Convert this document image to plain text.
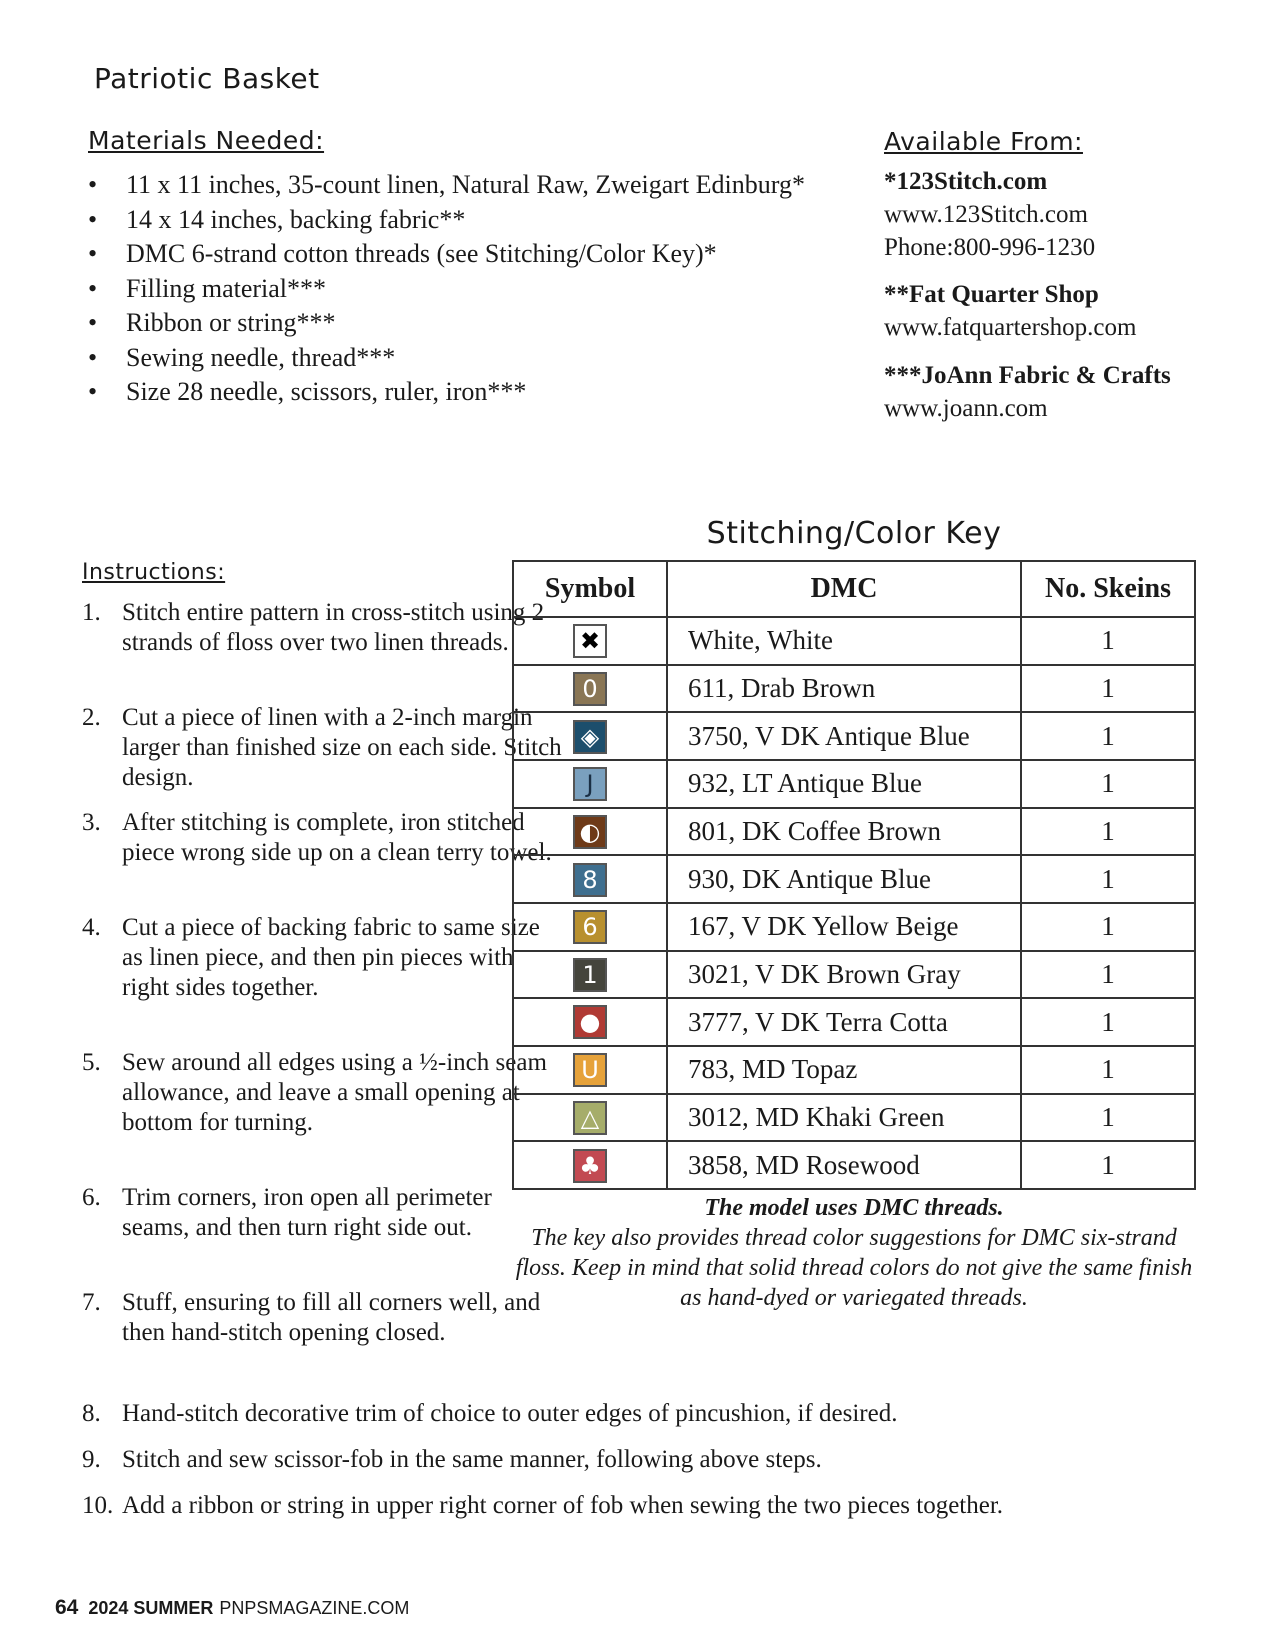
Patriotic Basket
Materials Needed:
• 11 x 11 inches, 35-count linen, Natural Raw, Zweigart Edinburg*
• 14 x 14 inches, backing fabric**
• DMC 6-strand cotton threads (see Stitching/Color Key)*
• Filling material***
• Ribbon or string***
• Sewing needle, thread***
• Size 28 needle, scissors, ruler, iron***
Available From:
*123Stitch.com
www.123Stitch.com
Phone:800-996-1230
**Fat Quarter Shop
www.fatquartershop.com
***JoAnn Fabric & Crafts
www.joann.com
Instructions:
1. Stitch entire pattern in cross-stitch using 2 strands of floss over two linen threads.
2. Cut a piece of linen with a 2-inch margin larger than finished size on each side. Stitch design.
3. After stitching is complete, iron stitched piece wrong side up on a clean terry towel.
4. Cut a piece of backing fabric to same size as linen piece, and then pin pieces with right sides together.
5. Sew around all edges using a ½-inch seam allowance, and leave a small opening at bottom for turning.
6. Trim corners, iron open all perimeter seams, and then turn right side out.
7. Stuff, ensuring to fill all corners well, and then hand-stitch opening closed.
8. Hand-stitch decorative trim of choice to outer edges of pincushion, if desired.
9. Stitch and sew scissor-fob in the same manner, following above steps.
10. Add a ribbon or string in upper right corner of fob when sewing the two pieces together.
Stitching/Color Key
Symbol	DMC	No. Skeins
✖	White, White	1
0	611, Drab Brown	1
◈	3750, V DK Antique Blue	1
J	932, LT Antique Blue	1
◐	801, DK Coffee Brown	1
8	930, DK Antique Blue	1
6	167, V DK Yellow Beige	1
1	3021, V DK Brown Gray	1
●	3777, V DK Terra Cotta	1
U	783, MD Topaz	1
△	3012, MD Khaki Green	1
♣	3858, MD Rosewood	1
The model uses DMC threads.
The key also provides thread color suggestions for DMC six-strand floss. Keep in mind that solid thread colors do not give the same finish as hand-dyed or variegated threads.
64 2024 SUMMER PNPSMAGAZINE.COM
